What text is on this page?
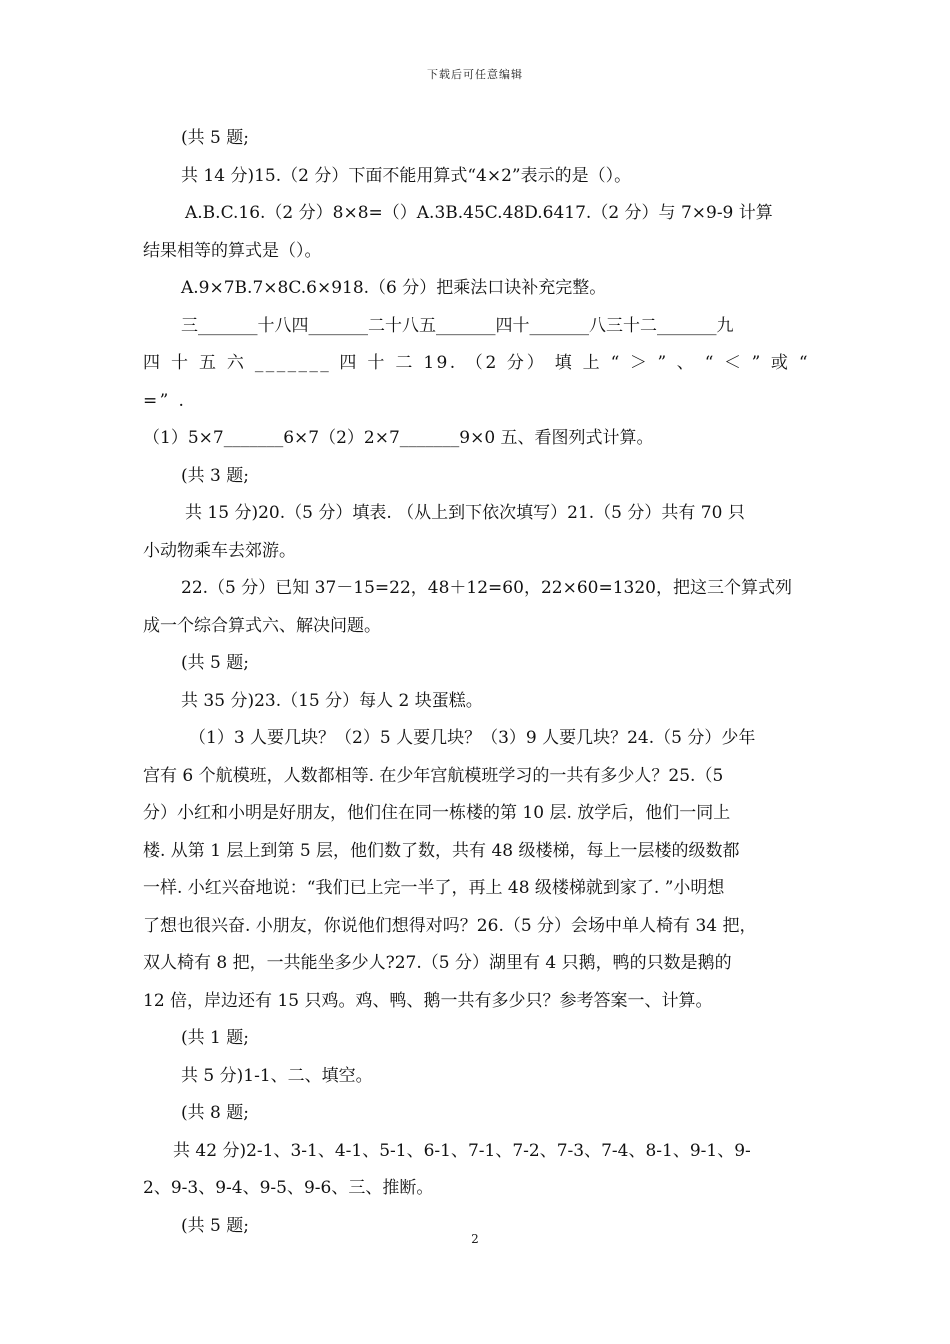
下载后可任意编辑

(共 5 题;

共 14 分)15.（2 分）下面不能用算式“4×2”表示的是（）。

A.B.C.16.（2 分）8×8=（）A.3B.45C.48D.6417.（2 分）与 7×9-9 计算

结果相等的算式是（）。

A.9×7B.7×8C.6×918.（6 分）把乘法口诀补充完整。

三_______十八四_______二十八五_______四十_______八三十二_______九

四 十 五 六 _______ 四 十 二 19. （2 分） 填 上 “ ＞ ” 、 “ ＜ ” 或 “ =” .

（1）5×7_______6×7（2）2×7_______9×0 五、看图列式计算。

(共 3 题;

共 15 分)20.（5 分）填表. （从上到下依次填写）21.（5 分）共有 70 只

小动物乘车去郊游。

22.（5 分）已知 37－15=22，48＋12=60，22×60=1320，把这三个算式列

成一个综合算式六、解决问题。

(共 5 题;

共 35 分)23.（15 分）每人 2 块蛋糕。

（1）3 人要几块？（2）5 人要几块？（3）9 人要几块？24.（5 分）少年

宫有 6 个航模班，人数都相等. 在少年宫航模班学习的一共有多少人？25.（5

分）小红和小明是好朋友，他们住在同一栋楼的第 10 层. 放学后，他们一同上

楼. 从第 1 层上到第 5 层，他们数了数，共有 48 级楼梯，每上一层楼的级数都

一样. 小红兴奋地说：“我们已上完一半了，再上 48 级楼梯就到家了. ”小明想

了想也很兴奋. 小朋友，你说他们想得对吗？26.（5 分）会场中单人椅有 34 把，

双人椅有 8 把，一共能坐多少人?27.（5 分）湖里有 4 只鹅，鸭的只数是鹅的

12 倍，岸边还有 15 只鸡。鸡、鸭、鹅一共有多少只？参考答案一、计算。

(共 1 题;

共 5 分)1-1、二、填空。

(共 8 题;

共 42 分)2-1、3-1、4-1、5-1、6-1、7-1、7-2、7-3、7-4、8-1、9-1、9-

2、9-3、9-4、9-5、9-6、三、推断。

(共 5 题;

2
